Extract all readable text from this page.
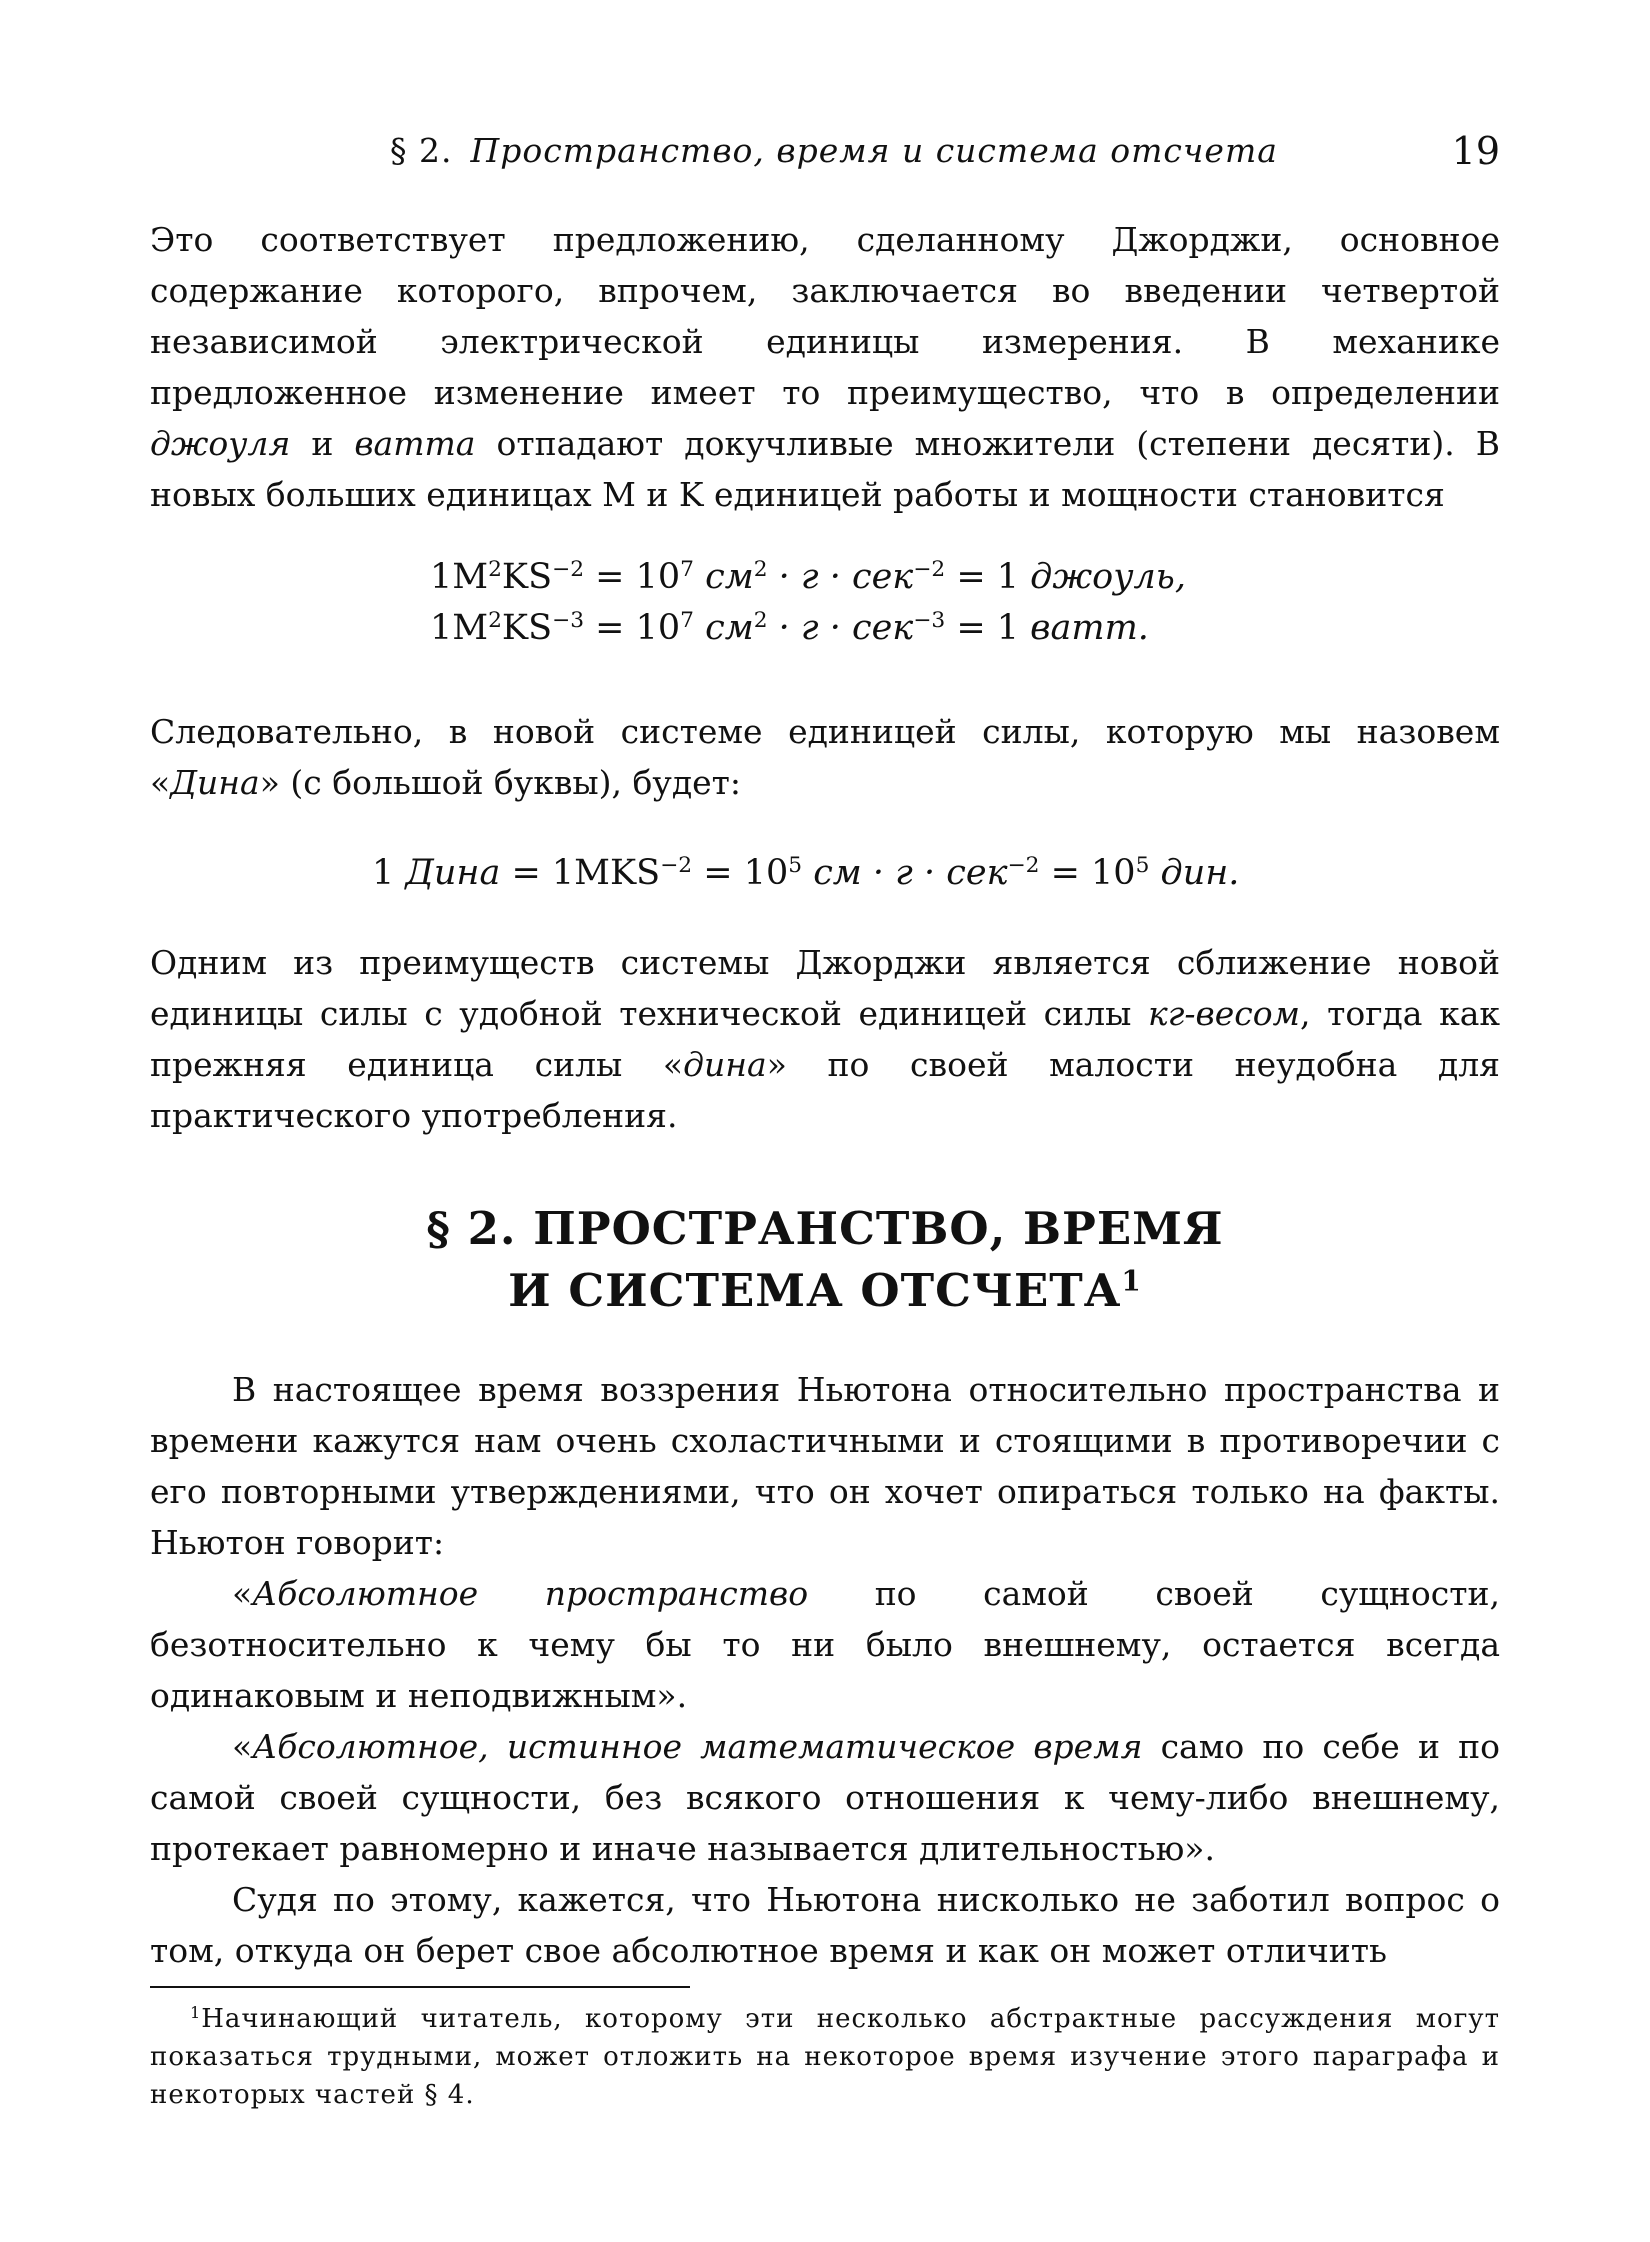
§ 2. Пространство, время и система отсчета	19
Это соответствует предложению, сделанному Джорджи, основное содержание которого, впрочем, заключается во введении четвертой независимой электрической единицы измерения. В механике предложенное изменение имеет то преимущество, что в определении джоуля и ватта отпадают докучливые множители (степени десяти). В новых больших единицах M и K единицей работы и мощности становится
$1M^2KS^{-2} = 10^7$ $см^2 \cdot г \cdot сек^{-2} = 1$ джоуль,
$1M^2KS^{-3} = 10^7$ $см^2 \cdot г \cdot сек^{-3} = 1$ ватт.
Следовательно, в новой системе единицей силы, которую мы назовем «Дина» (с большой буквы), будет:
1 Дина = $1MKS^{-2} = 10^5$ см · $г \cdot сек^{-2} = 10^5$ дин.
Одним из преимуществ системы Джорджи является сближение новой единицы силы с удобной технической единицей силы кг-весом, тогда как прежняя единица силы «дина» по своей малости неудобна для практического употребления.
§ 2. ПРОСТРАНСТВО, ВРЕМЯ
И СИСТЕМА ОТСЧЕТА$^1$

В настоящее время воззрения Ньютона относительно пространства и времени кажутся нам очень схоластичными и стоящими в противоречии с его повторными утверждениями, что он хочет опираться только на факты. Ньютон говорит:

«Абсолютное пространство по самой своей сущности, безотносительно к чему бы то ни было внешнему, остается всегда одинаковым и неподвижным».

«Абсолютное, истинное математическое время само по себе и по самой своей сущности, без всякого отношения к чему-либо внешнему, протекает равномерно и иначе называется длительностью».

Судя по этому, кажется, что Ньютона нисколько не заботил вопрос о том, откуда он берет свое абсолютное время и как он может отличить

$^1$Начинающий читатель, которому эти несколько абстрактные рассуждения могут показаться трудными, может отложить на некоторое время изучение этого параграфа и некоторых частей § 4.
